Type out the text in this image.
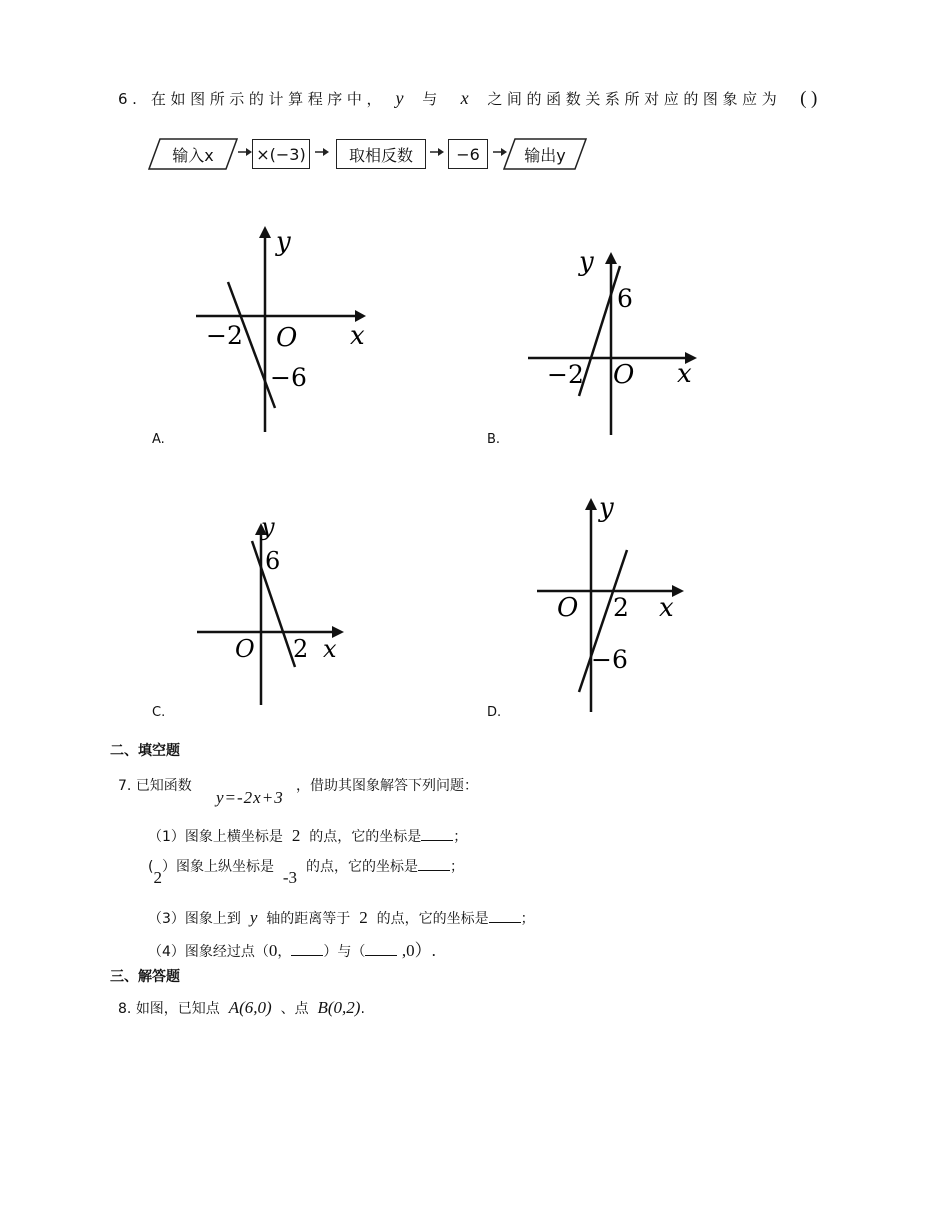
6. 在如图所示的计算程序中， y 与 x 之间的函数关系所对应的图象应为 ()
输入x	×(−3)	取相反数	−6	输出y
x
y
O
−2
−6
A.
x
y
O
−2
6
B.
x
y
O 2
6
C.
x
y
O 2
−6
D.
二、填空题
7. 已知函数
y=-2x+3
，借助其图象解答下列问题：
（1）图象上横坐标是 2 的点，它的坐标是 ；
(2）图象上纵坐标是  -3  的点，它的坐标是 ；
（3）图象上到 y 轴的距离等于 2 的点，它的坐标是 ；
（4）图象经过点（0， ）与（ ,0）.
三、解答题
8. 如图，已知点 A(6,0) 、点 B(0,2).
